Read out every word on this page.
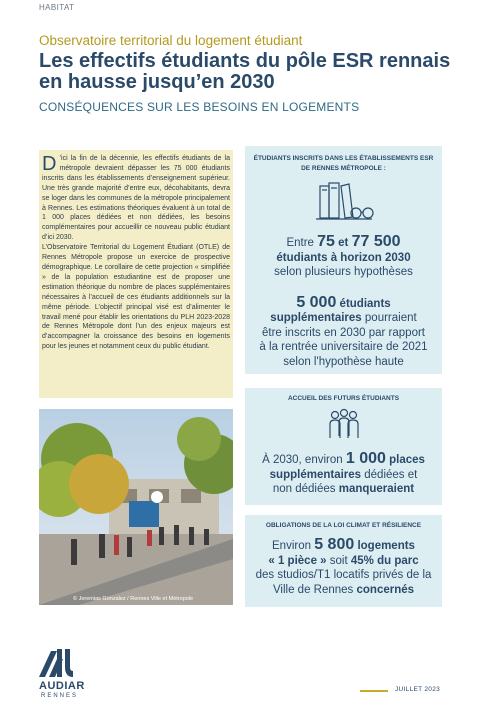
HABITAT
Observatoire territorial du logement étudiant
Les effectifs étudiants du pôle ESR rennais en hausse jusqu’en 2030
CONSÉQUENCES SUR LES BESOINS EN LOGEMENTS

D ’ici la fin de la décennie, les effectifs étudiants de la métropole devraient dépasser les 75 000 étudiants inscrits dans les établissements d’enseignement supérieur. Une très grande majorité d’entre eux, décohabitants, devra se loger dans les communes de la métropole principalement à Rennes. Les estimations théoriques évaluent à un total de 1 000 places dédiées et non dédiées, les besoins complémentaires pour accueillir ce nouveau public étudiant d’ici 2030.

L’Observatoire Territorial du Logement Étudiant (OTLE) de Rennes Métropole propose un exercice de prospective démographique. Le corollaire de cette projection « simplifiée » de la population estudiantine est de proposer une estimation théorique du nombre de places supplémentaires nécessaires à l’accueil de ces étudiants additionnels sur la même période. L’objectif principal visé est d’alimenter le travail mené pour établir les orientations du PLH 2023-2028 de Rennes Métropole dont l’un des enjeux majeurs est d’accompagner la croissance des besoins en logements pour les jeunes et notamment ceux du public étudiant.

© Jeremias Gonzalez / Rennes Ville et Métropole
ÉTUDIANTS INSCRITS DANS LES ÉTABLISSEMENTS ESR
DE RENNES MÉTROPOLE :
Entre 75 et 77 500
étudiants à horizon 2030
selon plusieurs hypothèses
5 000 étudiants
supplémentaires pourraient
être inscrits en 2030 par rapport
à la rentrée universitaire de 2021
selon l'hypothèse haute
ACCUEIL DES FUTURS ÉTUDIANTS
À 2030, environ 1 000 places
supplémentaires dédiées et
non dédiées manqueraient
OBLIGATIONS DE LA LOI CLIMAT ET RÉSILIENCE
Environ 5 800 logements
« 1 pièce » soit 45% du parc
des studios/T1 locatifs privés de la
Ville de Rennes concernés
AUDIAR
RENNES
JUILLET 2023
